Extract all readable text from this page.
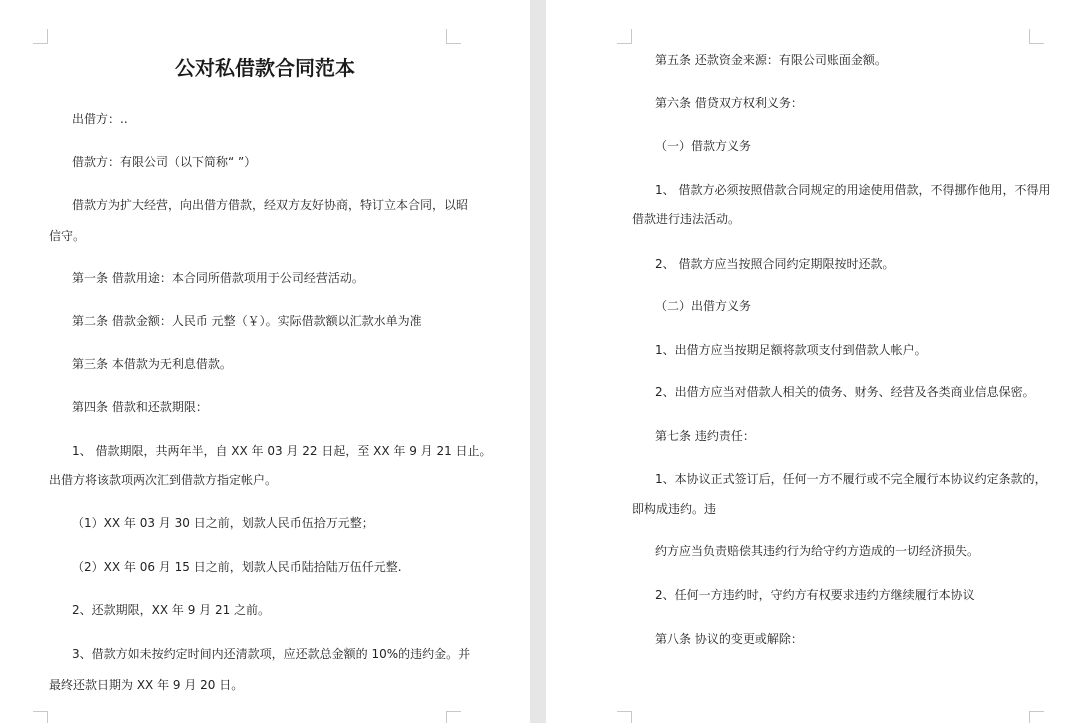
公对私借款合同范本

出借方：..

借款方：有限公司（以下简称“ ”）

借款方为扩大经营，向出借方借款，经双方友好协商，特订立本合同，以昭

信守。

第一条 借款用途：本合同所借款项用于公司经营活动。

第二条 借款金额：人民币 元整（￥）。实际借款额以汇款水单为准

第三条 本借款为无利息借款。

第四条 借款和还款期限：

1、 借款期限，共两年半，自 XX 年 03 月 22 日起，至 XX 年 9 月 21 日止。

出借方将该款项两次汇到借款方指定帐户。

（1）XX 年 03 月 30 日之前，划款人民币伍拾万元整；

（2）XX 年 06 月 15 日之前，划款人民币陆拾陆万伍仟元整.

2、还款期限，XX 年 9 月 21 之前。

3、借款方如未按约定时间内还清款项，应还款总金额的 10%的违约金。并

最终还款日期为 XX 年 9 月 20 日。

第五条 还款资金来源：有限公司账面金额。

第六条 借贷双方权利义务：

（一）借款方义务

1、 借款方必须按照借款合同规定的用途使用借款，不得挪作他用，不得用

借款进行违法活动。

2、 借款方应当按照合同约定期限按时还款。

（二）出借方义务

1、出借方应当按期足额将款项支付到借款人帐户。

2、出借方应当对借款人相关的债务、财务、经营及各类商业信息保密。

第七条 违约责任：

1、本协议正式签订后，任何一方不履行或不完全履行本协议约定条款的，

即构成违约。违

约方应当负责赔偿其违约行为给守约方造成的一切经济损失。

2、任何一方违约时，守约方有权要求违约方继续履行本协议

第八条 协议的变更或解除：
